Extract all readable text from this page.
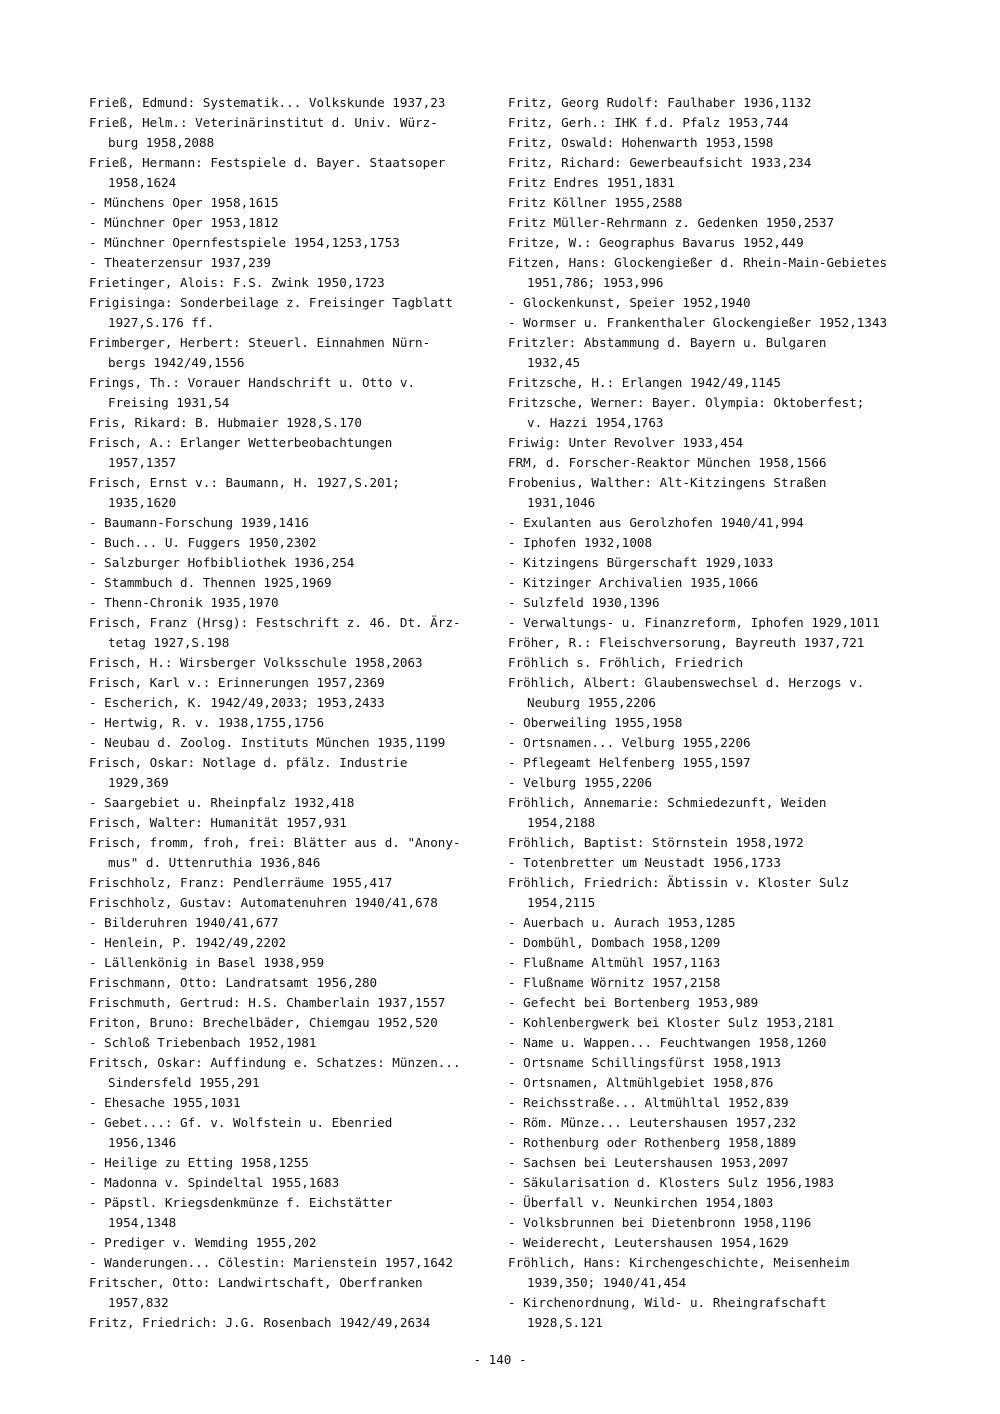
Frieß, Edmund: Systematik... Volkskunde 1937,23
Frieß, Helm.: Veterinärinstitut d. Univ. Würz-
burg 1958,2088
Frieß, Hermann: Festspiele d. Bayer. Staatsoper
1958,1624
- Münchens Oper 1958,1615
- Münchner Oper 1953,1812
- Münchner Opernfestspiele 1954,1253,1753
- Theaterzensur 1937,239
Frietinger, Alois: F.S. Zwink 1950,1723
Frigisinga: Sonderbeilage z. Freisinger Tagblatt
1927,S.176 ff.
Frimberger, Herbert: Steuerl. Einnahmen Nürn-
bergs 1942/49,1556
Frings, Th.: Vorauer Handschrift u. Otto v.
Freising 1931,54
Fris, Rikard: B. Hubmaier 1928,S.170
Frisch, A.: Erlanger Wetterbeobachtungen
1957,1357
Frisch, Ernst v.: Baumann, H. 1927,S.201;
1935,1620
- Baumann-Forschung 1939,1416
- Buch... U. Fuggers 1950,2302
- Salzburger Hofbibliothek 1936,254
- Stammbuch d. Thennen 1925,1969
- Thenn-Chronik 1935,1970
Frisch, Franz (Hrsg): Festschrift z. 46. Dt. Ärz-
tetag 1927,S.198
Frisch, H.: Wirsberger Volksschule 1958,2063
Frisch, Karl v.: Erinnerungen 1957,2369
- Escherich, K. 1942/49,2033; 1953,2433
- Hertwig, R. v. 1938,1755,1756
- Neubau d. Zoolog. Instituts München 1935,1199
Frisch, Oskar: Notlage d. pfälz. Industrie
1929,369
- Saargebiet u. Rheinpfalz 1932,418
Frisch, Walter: Humanität 1957,931
Frisch, fromm, froh, frei: Blätter aus d. "Anony-
mus" d. Uttenruthia 1936,846
Frischholz, Franz: Pendlerräume 1955,417
Frischholz, Gustav: Automatenuhren 1940/41,678
- Bilderuhren 1940/41,677
- Henlein, P. 1942/49,2202
- Lällenkönig in Basel 1938,959
Frischmann, Otto: Landratsamt 1956,280
Frischmuth, Gertrud: H.S. Chamberlain 1937,1557
Friton, Bruno: Brechelbäder, Chiemgau 1952,520
- Schloß Triebenbach 1952,1981
Fritsch, Oskar: Auffindung e. Schatzes: Münzen...
Sindersfeld 1955,291
- Ehesache 1955,1031
- Gebet...: Gf. v. Wolfstein u. Ebenried
1956,1346
- Heilige zu Etting 1958,1255
- Madonna v. Spindeltal 1955,1683
- Päpstl. Kriegsdenkmünze f. Eichstätter
1954,1348
- Prediger v. Wemding 1955,202
- Wanderungen... Cölestin: Marienstein 1957,1642
Fritscher, Otto: Landwirtschaft, Oberfranken
1957,832
Fritz, Friedrich: J.G. Rosenbach 1942/49,2634
Fritz, Georg Rudolf: Faulhaber 1936,1132
Fritz, Gerh.: IHK f.d. Pfalz 1953,744
Fritz, Oswald: Hohenwarth 1953,1598
Fritz, Richard: Gewerbeaufsicht 1933,234
Fritz Endres 1951,1831
Fritz Köllner 1955,2588
Fritz Müller-Rehrmann z. Gedenken 1950,2537
Fritze, W.: Geographus Bavarus 1952,449
Fitzen, Hans: Glockengießer d. Rhein-Main-Gebietes
1951,786; 1953,996
- Glockenkunst, Speier 1952,1940
- Wormser u. Frankenthaler Glockengießer 1952,1343
Fritzler: Abstammung d. Bayern u. Bulgaren
1932,45
Fritzsche, H.: Erlangen 1942/49,1145
Fritzsche, Werner: Bayer. Olympia: Oktoberfest;
v. Hazzi 1954,1763
Friwig: Unter Revolver 1933,454
FRM, d. Forscher-Reaktor München 1958,1566
Frobenius, Walther: Alt-Kitzingens Straßen
1931,1046
- Exulanten aus Gerolzhofen 1940/41,994
- Iphofen 1932,1008
- Kitzingens Bürgerschaft 1929,1033
- Kitzinger Archivalien 1935,1066
- Sulzfeld 1930,1396
- Verwaltungs- u. Finanzreform, Iphofen 1929,1011
Fröher, R.: Fleischversorung, Bayreuth 1937,721
Fröhlich s. Fröhlich, Friedrich
Fröhlich, Albert: Glaubenswechsel d. Herzogs v.
Neuburg 1955,2206
- Oberweiling 1955,1958
- Ortsnamen... Velburg 1955,2206
- Pflegeamt Helfenberg 1955,1597
- Velburg 1955,2206
Fröhlich, Annemarie: Schmiedezunft, Weiden
1954,2188
Fröhlich, Baptist: Störnstein 1958,1972
- Totenbretter um Neustadt 1956,1733
Fröhlich, Friedrich: Äbtissin v. Kloster Sulz
1954,2115
- Auerbach u. Aurach 1953,1285
- Dombühl, Dombach 1958,1209
- Flußname Altmühl 1957,1163
- Flußname Wörnitz 1957,2158
- Gefecht bei Bortenberg 1953,989
- Kohlenbergwerk bei Kloster Sulz 1953,2181
- Name u. Wappen... Feuchtwangen 1958,1260
- Ortsname Schillingsfürst 1958,1913
- Ortsnamen, Altmühlgebiet 1958,876
- Reichsstraße... Altmühltal 1952,839
- Röm. Münze... Leutershausen 1957,232
- Rothenburg oder Rothenberg 1958,1889
- Sachsen bei Leutershausen 1953,2097
- Säkularisation d. Klosters Sulz 1956,1983
- Überfall v. Neunkirchen 1954,1803
- Volksbrunnen bei Dietenbronn 1958,1196
- Weiderecht, Leutershausen 1954,1629
Fröhlich, Hans: Kirchengeschichte, Meisenheim
1939,350; 1940/41,454
- Kirchenordnung, Wild- u. Rheingrafschaft
1928,S.121
- 140 -
